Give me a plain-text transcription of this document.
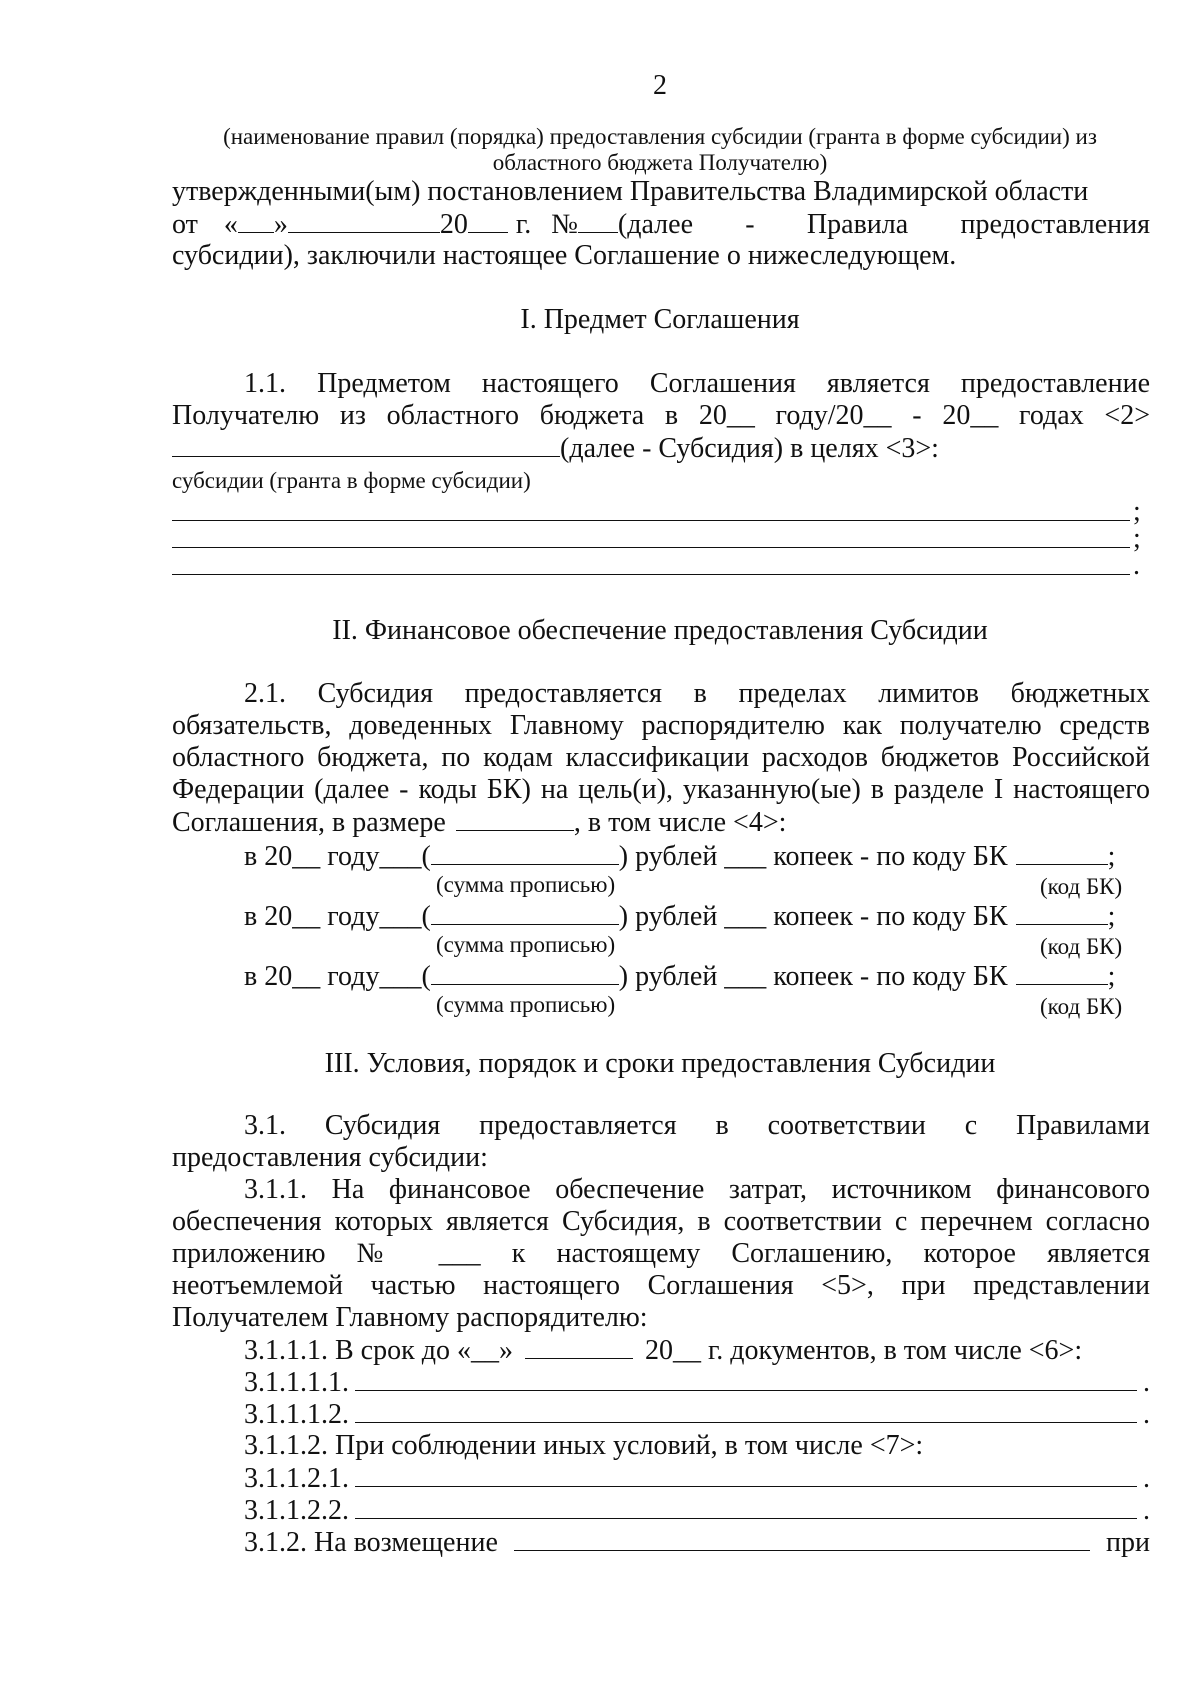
2
(наименование правил (порядка) предоставления субсидии (гранта в форме субсидии) из
областного бюджета Получателю)
утвержденными(ым) постановлением Правительства Владимирской области
от « »	20 г. № (далее - Правила предоставления
субсидии), заключили настоящее Соглашение о нижеследующем.
I. Предмет Соглашения
1.1. Предметом настоящего Соглашения является предоставление
Получателю из областного бюджета в 20__ году/20__ - 20__ годах <2>
(далее - Субсидия) в целях <3>:
субсидии (гранта в форме субсидии)
;
;
.
II. Финансовое обеспечение предоставления Субсидии
2.1. Субсидия предоставляется в пределах лимитов бюджетных
обязательств, доведенных Главному распорядителю как получателю средств
областного бюджета, по кодам классификации расходов бюджетов Российской
Федерации (далее - коды БК) на цель(и), указанную(ые) в разделе I настоящего
Соглашения, в размере	, в том числе <4>:
в 20__ году___(	) рублей ___ копеек - по коду БК	;
(сумма прописью)	(код БК)
в 20__ году___(	) рублей ___ копеек - по коду БК	;
(сумма прописью)	(код БК)
в 20__ году___(	) рублей ___ копеек - по коду БК	;
(сумма прописью)	(код БК)
III. Условия, порядок и сроки предоставления Субсидии
3.1. Субсидия предоставляется в соответствии с Правилами
предоставления субсидии:
3.1.1. На финансовое обеспечение затрат, источником финансового
обеспечения которых является Субсидия, в соответствии с перечнем согласно
приложению № ___ к настоящему Соглашению, которое является
неотъемлемой частью настоящего Соглашения <5>, при представлении
Получателем Главному распорядителю:
3.1.1.1. В срок до «__»	20__ г. документов, в том числе <6>:
3.1.1.1.1.	.
3.1.1.1.2.	.
3.1.1.2. При соблюдении иных условий, в том числе <7>:
3.1.1.2.1.	.
3.1.1.2.2.	.
3.1.2. На возмещение	при
